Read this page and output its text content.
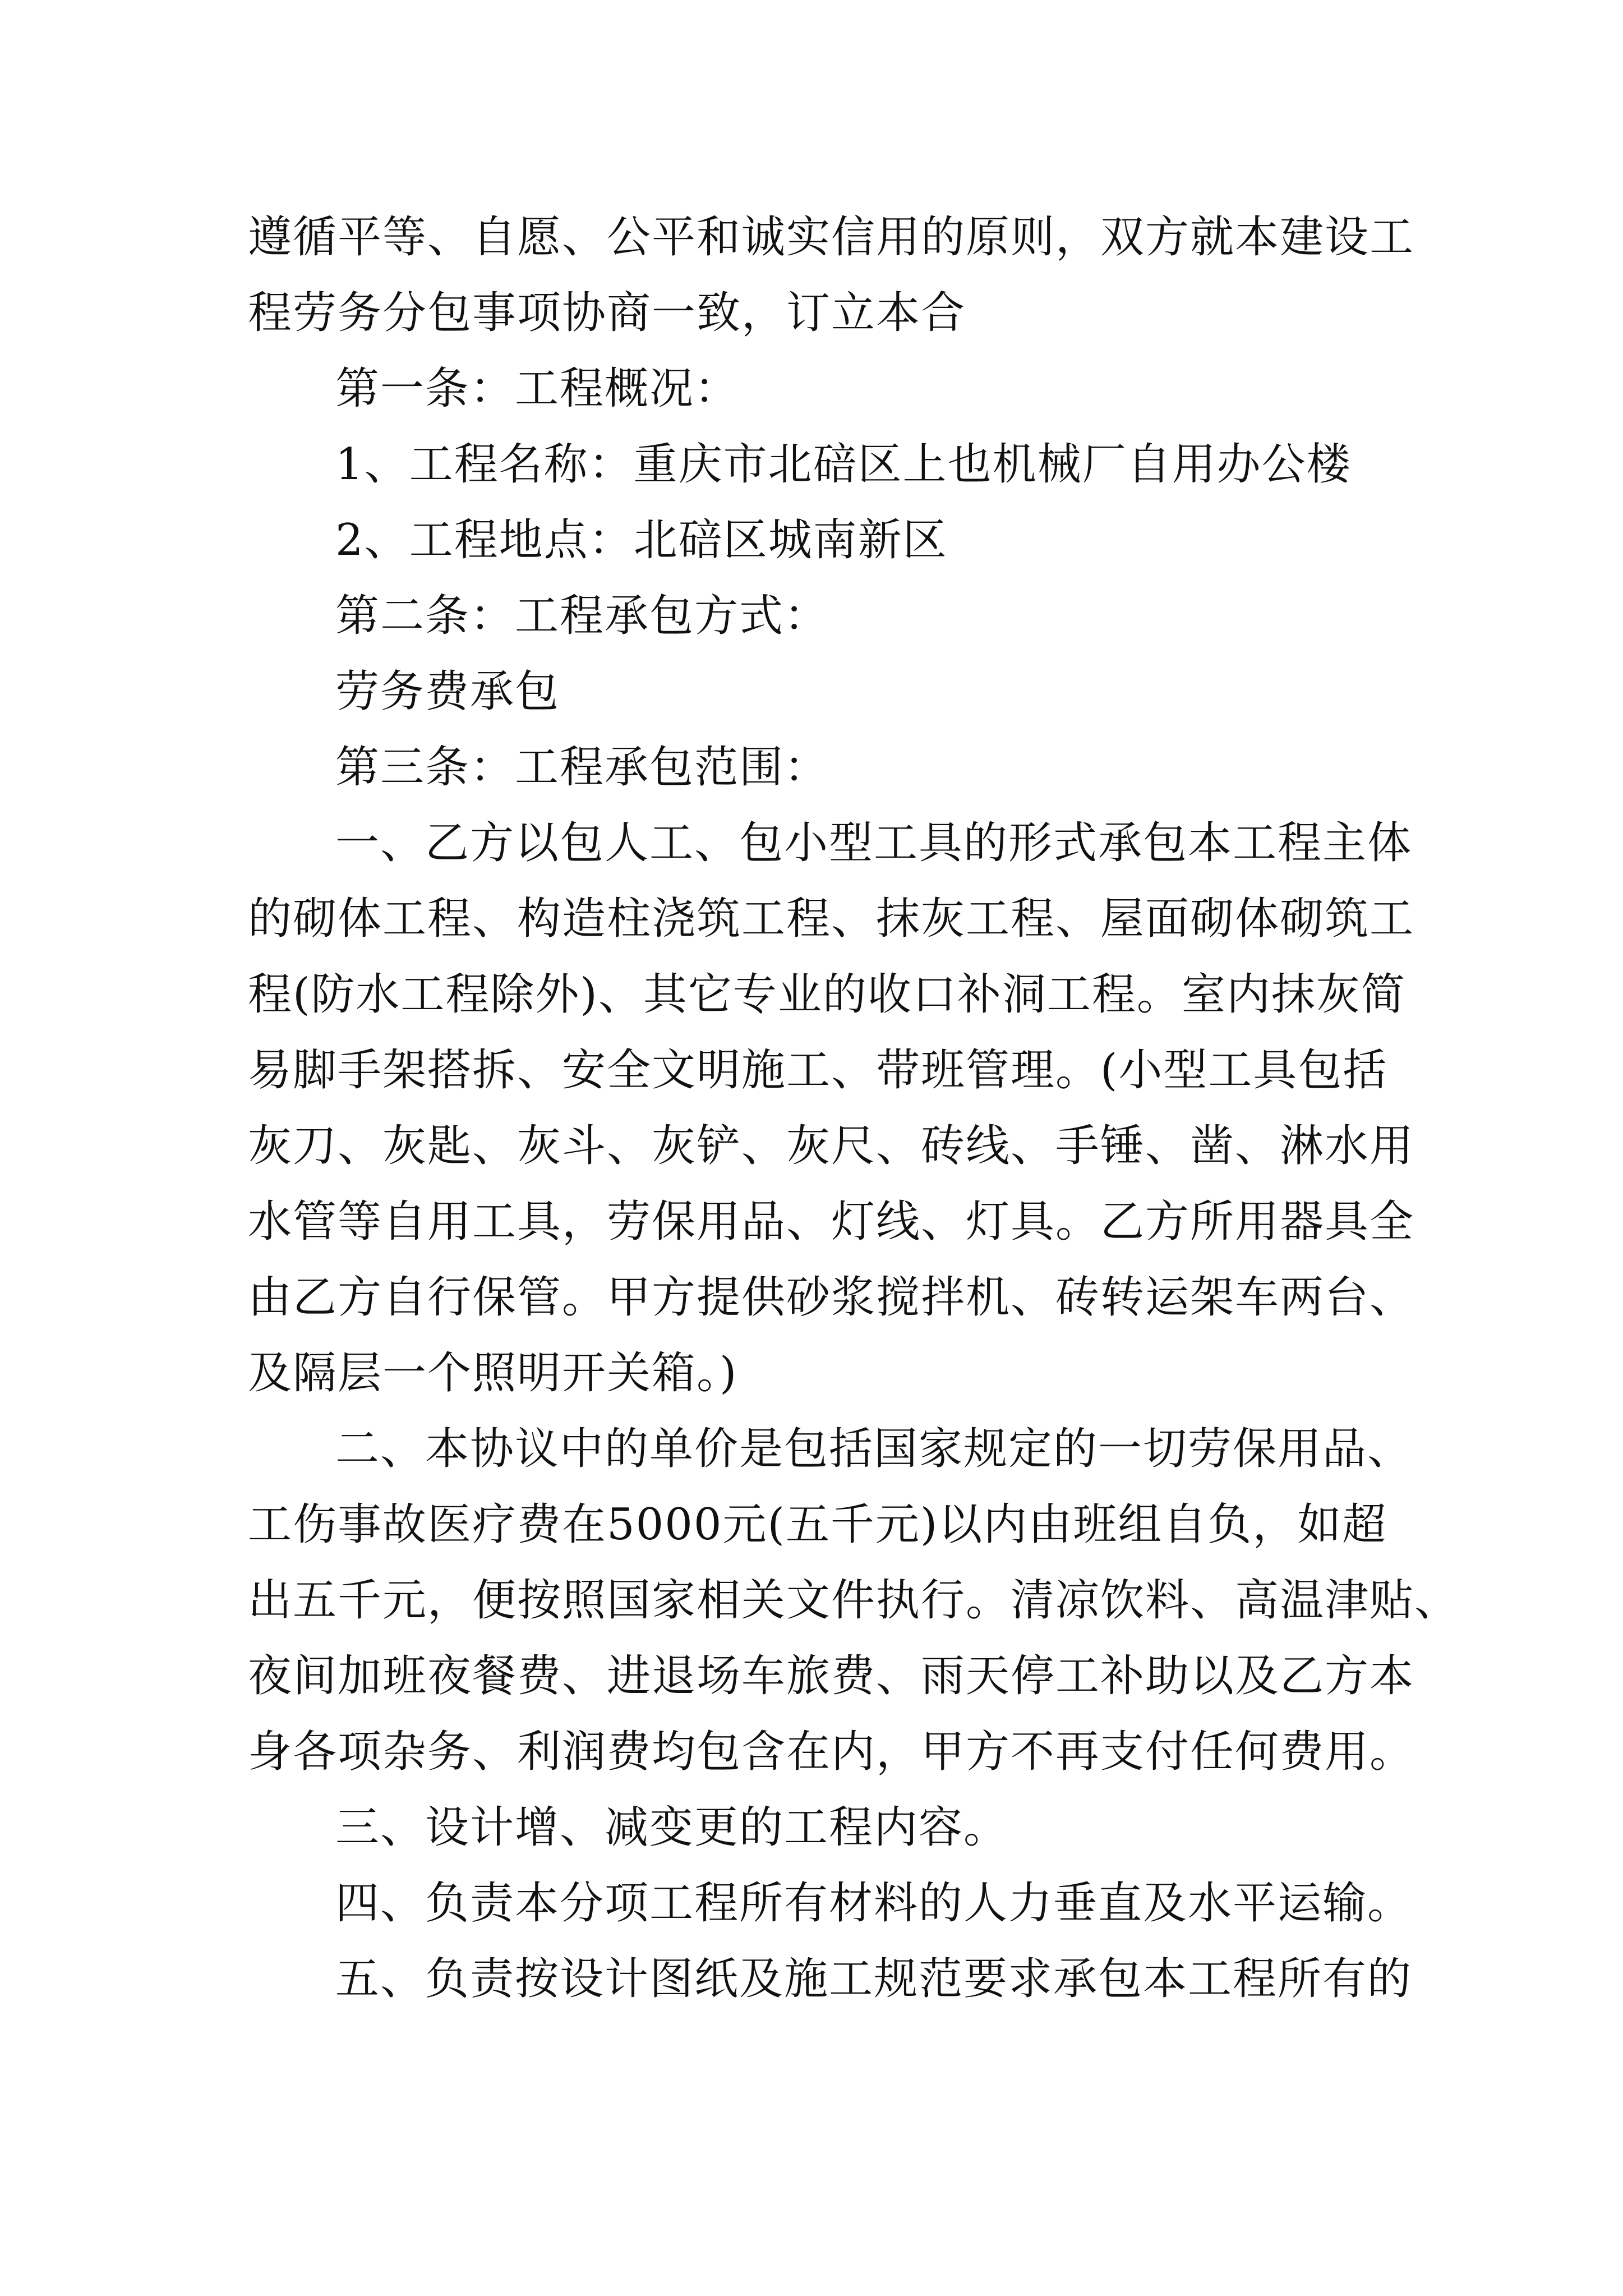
遵循平等、自愿、公平和诚实信用的原则，双方就本建设工
程劳务分包事项协商一致，订立本合
第一条：工程概况：
1、工程名称：重庆市北碚区上也机械厂自用办公楼
2、工程地点：北碚区城南新区
第二条：工程承包方式：
劳务费承包
第三条：工程承包范围：
一、乙方以包人工、包小型工具的形式承包本工程主体
的砌体工程、构造柱浇筑工程、抹灰工程、屋面砌体砌筑工
程(防水工程除外)、其它专业的收口补洞工程。室内抹灰简
易脚手架搭拆、安全文明施工、带班管理。(小型工具包括
灰刀、灰匙、灰斗、灰铲、灰尺、砖线、手锤、凿、淋水用
水管等自用工具，劳保用品、灯线、灯具。乙方所用器具全
由乙方自行保管。甲方提供砂浆搅拌机、砖转运架车两台、
及隔层一个照明开关箱。)
二、本协议中的单价是包括国家规定的一切劳保用品、
工伤事故医疗费在5000元(五千元)以内由班组自负，如超
出五千元，便按照国家相关文件执行。清凉饮料、高温津贴、
夜间加班夜餐费、进退场车旅费、雨天停工补助以及乙方本
身各项杂务、利润费均包含在内，甲方不再支付任何费用。
三、设计增、减变更的工程内容。
四、负责本分项工程所有材料的人力垂直及水平运输。
五、负责按设计图纸及施工规范要求承包本工程所有的
